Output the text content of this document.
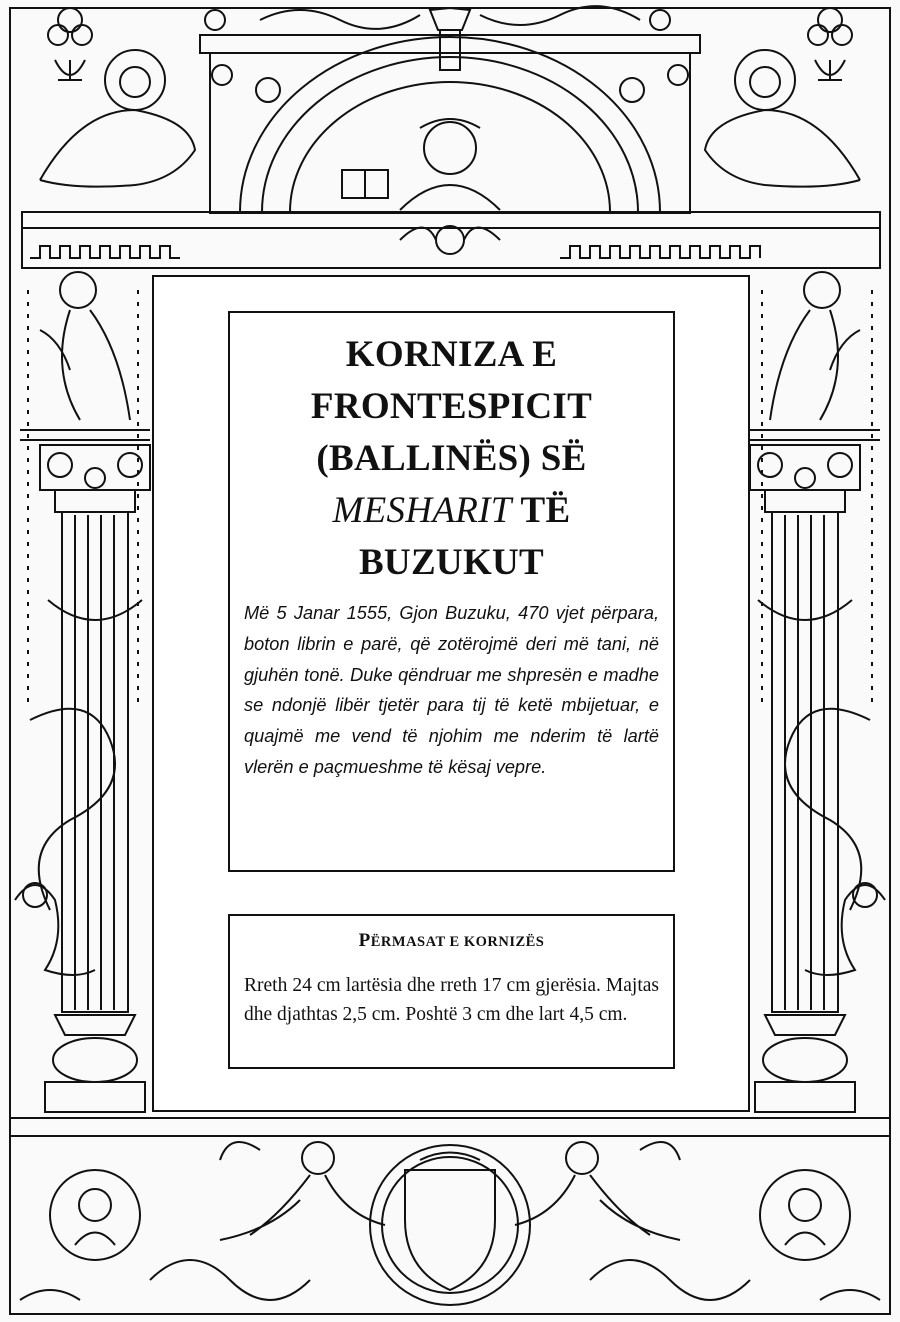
KORNIZA E
FRONTESPICIT
(BALLINËS) SË
MESHARIT TË
BUZUKUT

Më 5 Janar 1555, Gjon Buzuku, 470 vjet përpara, boton librin e parë, që zotërojmë deri më tani, në gjuhën tonë. Duke qëndruar me shpresën e madhe se ndonjë libër tjetër para tij të ketë mbijetuar, e quajmë me vend të njohim me nderim të lartë vlerën e paçmueshme të kësaj vepre.

PËRMASAT E KORNIZËS

Rreth 24 cm lartësia dhe rreth 17 cm gjerësia. Majtas dhe djathtas 2,5 cm. Poshtë 3 cm dhe lart 4,5 cm.
